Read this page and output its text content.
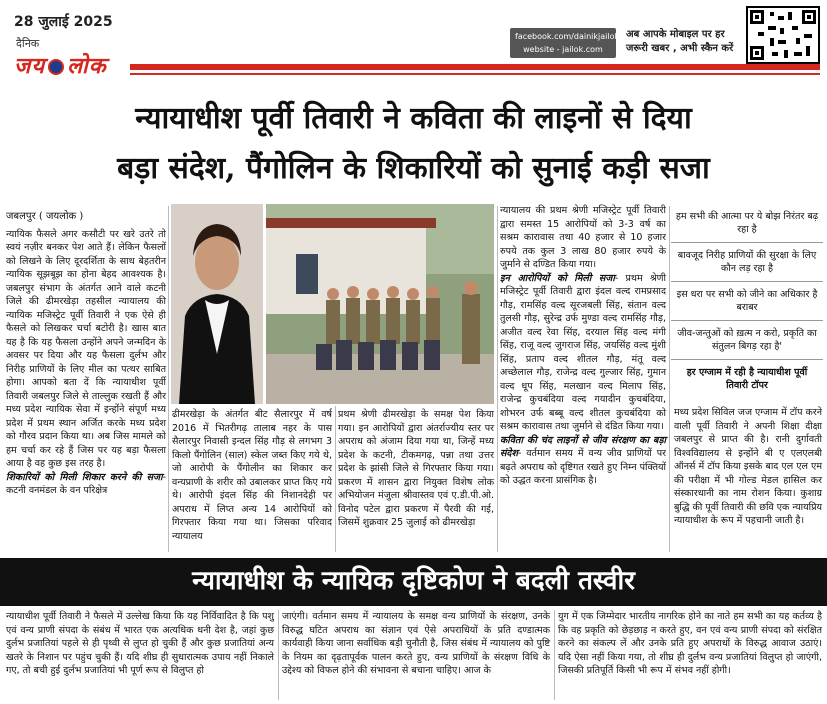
28 जुलाई 2025
दैनिक
जय लोक
facebook.com/dainikjailok
website - jailok.com
अब आपके मोबाइल पर हर
जरूरी खबर , अभी स्कैन करें
न्यायाधीश पूर्वी तिवारी ने कविता की लाइनों से दिया
बड़ा संदेश, पैंगोलिन के शिकारियों को सुनाई कड़ी सजा
जबलपुर ( जयलोक )

न्यायिक फैसले अगर कसौटी पर खरे उतरे तो स्वयं नज़ीर बनकर पेश आते हैं। लेकिन फैसलों को लिखने के लिए दूरदर्शिता के साथ बेहतरीन न्यायिक सूझबूझ का होना बेहद आवश्यक है। जबलपुर संभाग के अंतर्गत आने वाले कटनी जिले की ढीमरखेड़ा तहसील न्यायालय की न्यायिक मजिस्ट्रेट पूर्वी तिवारी ने एक ऐसे ही फैसले को लिखकर चर्चा बटोरी है। खास बात यह है कि यह फैसला उन्होंने अपने जन्मदिन के अवसर पर दिया और यह फैसला दुर्लभ और निरीह प्राणियों के लिए मील का पत्थर साबित होगा। आपको बता दें कि न्यायाधीश पूर्वी तिवारी जबलपुर जिले से ताल्लुक रखती हैं और मध्य प्रदेश न्यायिक सेवा में इन्होंने संपूर्ण मध्य प्रदेश में प्रथम स्थान अर्जित करके मध्य प्रदेश को गौरव प्रदान किया था। अब जिस मामले को हम चर्चा कर रहे हैं जिस पर यह बड़ा फैसला आया है वह कुछ इस तरह है।

शिकारियों को मिली शिकार करने की सजा- कटनी वनमंडल के वन परिक्षेत्र

ढीमरखेड़ा के अंतर्गत बीट सैलारपुर में वर्ष 2016 में भितरीगढ़ तालाब नहर के पास सैलारपुर निवासी इन्दल सिंह गौड़ से लगभग 3 किलो पैंगोलिन (साल) स्केल जब्त किए गये थे, जो आरोपी के पैंगोलीन का शिकार कर वन्यप्राणी के शरीर को उबालकर प्राप्त किए गये थे। आरोपी इंदल सिंह की निशानदेही पर अपराध में लिप्त अन्य 14 आरोपियों को गिरफ्तार किया गया था। जिसका परिवाद न्यायालय

प्रथम श्रेणी ढीमरखेड़ा के समक्ष पेश किया गया। इन आरोपियों द्वारा अंतर्राज्यीय स्तर पर अपराध को अंजाम दिया गया था, जिन्हें मध्य प्रदेश के कटनी, टीकमगढ़, पन्ना तथा उत्तर प्रदेश के झांसी जिले से गिरफ्तार किया गया। प्रकरण में शासन द्वारा नियुक्त विशेष लोक अभियोजन मंजुला श्रीवास्तव एवं ए.डी.पी.ओ. विनोद पटेल द्वारा प्रकरण में पैरवी की गई, जिसमें शुक्रवार 25 जुलाई को ढीमरखेड़ा

न्यायालय की प्रथम श्रेणी मजिस्ट्रेट पूर्वी तिवारी द्वारा समस्त 15 आरोपियों को 3-3 वर्ष का सश्रम कारावास तथा 40 हजार से 10 हजार रुपये तक कुल 3 लाख 80 हजार रुपये के जुर्माने से दण्डित किया गया।

इन आरोपियों को मिली सजा- प्रथम श्रेणी मजिस्ट्रेट पूर्वी तिवारी द्वारा इंदल वल्द रामप्रसाद गौड़, रामसिंह वल्द सूरजबली सिंह, संतान वल्द तुलसी गौड़, सुरेन्द्र उर्फ मुण्डा वल्द रामसिंह गौड़, अजीत वल्द रेवा सिंह, दरयाल सिंह वल्द मंगी सिंह, राजू वल्द जुगराज सिंह, जयसिंह वल्द मुंशी सिंह, प्रताप वल्द शीतल गौड़, मंतू वल्द अच्छेलाल गौड़, राजेन्द्र वल्द गुल्जार सिंह, गुमान वल्द धूप सिंह, मलखान वल्द मिलाप सिंह, राजेन्द्र कुचबंदिया वल्द गयादीन कुचबंदिया, शोभरन उर्फ बब्बू वल्द शीतल कुचबंदिया को सश्रम कारावास तथा जुर्माने से दंडित किया गया।

कविता की चंद लाइनों से जीव संरक्षण का बड़ा संदेश- वर्तमान समय में वन्य जीव प्राणियों पर बढ़ते अपराध को दृष्टिगत रखते हुए निम्न पंक्तियों को उद्धत करना प्रासंगिक है।

हम सभी की आत्मा पर ये बोझ निरंतर बढ़ रहा है
बावजूद निरीह प्राणियों की सुरक्षा के लिए कौन लड़ रहा है
इस धरा पर सभी को जीने का अधिकार है बराबर
जीव-जन्तुओं को ख़त्म न करो, प्रकृति का संतुलन बिगड़ रहा है'
हर एग्जाम में रही है न्यायाधीश पूर्वी तिवारी टॉपर

मध्य प्रदेश सिविल जज एग्जाम में टॉप करने वाली पूर्वी तिवारी ने अपनी शिक्षा दीक्षा जबलपुर से प्राप्त की है। रानी दुर्गावती विश्वविद्यालय से इन्होंने बी ए एलएलबी ऑनर्स में टॉप किया इसके बाद एल एल एम की परीक्षा में भी गोल्ड मेडल हासिल कर संस्कारधानी का नाम रोशन किया। कुशाग्र बुद्धि की पूर्वी तिवारी की छवि एक न्यायप्रिय न्यायाधीश के रूप में पहचानी जाती है।

न्यायाधीश के न्यायिक दृष्टिकोण ने बदली तस्वीर

न्यायाधीश पूर्वी तिवारी ने फैसले में उल्लेख किया कि यह निर्विवादित है कि पशु एवं वन्य प्राणी संपदा के संबंध में भारत एक अत्यधिक धनी देश है, जहां कुछ दुर्लभ प्रजातियां पहले से ही पृथ्वी से लुप्त हो चुकी हैं और कुछ प्रजातियां अन्य खतरे के निशान पर पहुंच चुकी हैं। यदि शीघ्र ही सुधारात्मक उपाय नहीं निकाले गए, तो बची हुई दुर्लभ प्रजातियां भी पूर्ण रूप से विलुप्त हो

जाएंगी। वर्तमान समय में न्यायालय के समक्ष वन्य प्राणियों के संरक्षण, उनके विरुद्ध घटित अपराध का संज्ञान एवं ऐसे अपराधियों के प्रति दण्डात्मक कार्यवाही किया जाना सर्वाधिक बड़ी चुनौती है, जिस संबंध में न्यायालय को पुष्टि के नियम का दृढ़तापूर्वक पालन करते हुए, वन्य प्राणियों के संरक्षण विधि के उद्देश्य को विफल होने की संभावना से बचाना चाहिए। आज के

युग में एक जिम्मेदार भारतीय नागरिक होने का नाते हम सभी का यह कर्तव्य है कि वह प्रकृति को छेड़छाड़ न करते हुए, वन एवं वन्य प्राणी संपदा को संरक्षित करने का संकल्प लें और उनके प्रति हुए अपराधों के विरुद्ध आवाज उठाएं। यदि ऐसा नहीं किया गया, तो शीघ्र ही दुर्लभ वन्य प्रजातियां विलुप्त हो जाएंगी, जिसकी प्रतिपूर्ति किसी भी रूप में संभव नहीं होगी।
